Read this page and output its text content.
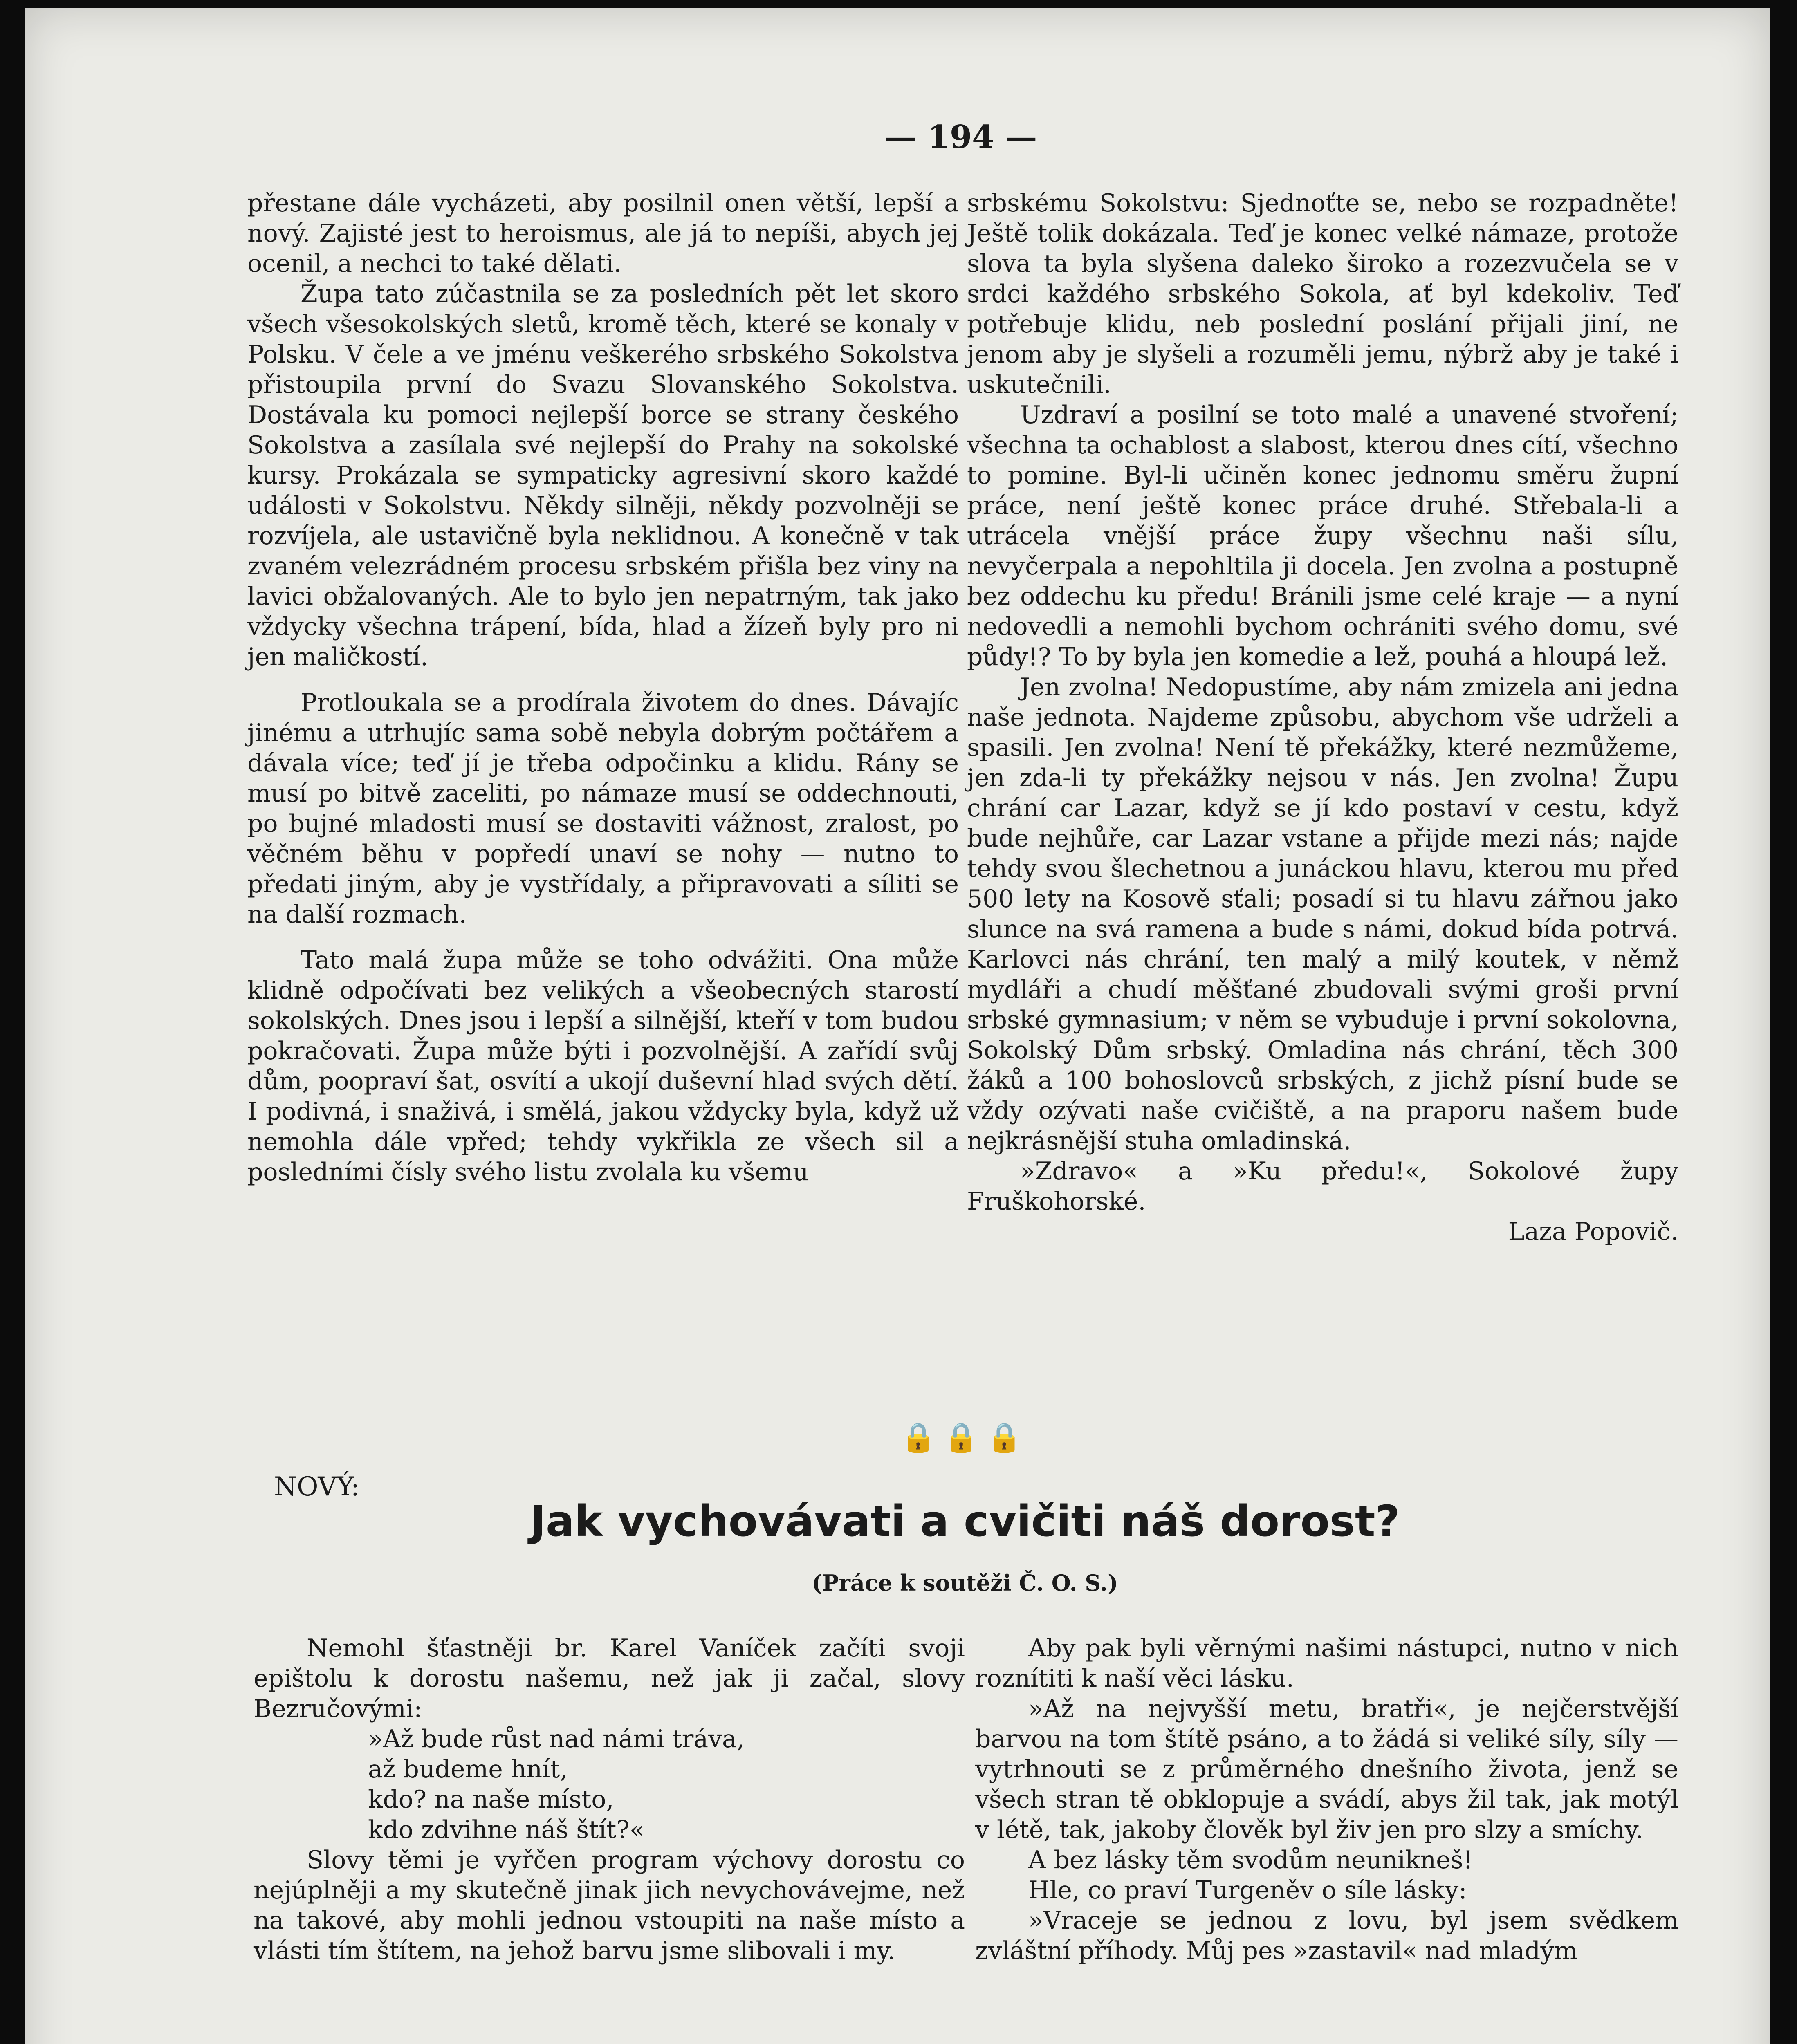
— 194 —

přestane dále vycházeti, aby posilnil onen větší, lepší a nový. Zajisté jest to heroismus, ale já to nepíši, abych jej ocenil, a nechci to také dělati.

Župa tato zúčastnila se za posledních pět let skoro všech všesokolských sletů, kromě těch, které se konaly v Polsku. V čele a ve jménu veškerého srbského Sokolstva přistoupila první do Svazu Slovanského Sokolstva. Dostávala ku pomoci nejlepší borce se strany českého Sokolstva a zasílala své nejlepší do Prahy na sokolské kursy. Prokázala se sympaticky agresivní skoro každé události v Sokolstvu. Někdy silněji, někdy pozvolněji se rozvíjela, ale ustavičně byla neklidnou. A konečně v tak zvaném velezrádném procesu srbském přišla bez viny na lavici obžalovaných. Ale to bylo jen nepatrným, tak jako vždycky všechna trápení, bída, hlad a žízeň byly pro ni jen maličkostí.

Protloukala se a prodírala životem do dnes. Dávajíc jinému a utrhujíc sama sobě nebyla dobrým počtářem a dávala více; teď jí je třeba odpočinku a klidu. Rány se musí po bitvě zaceliti, po námaze musí se oddechnouti, po bujné mladosti musí se dostaviti vážnost, zralost, po věčném běhu v popředí unaví se nohy — nutno to předati jiným, aby je vystřídaly, a připravovati a síliti se na další rozmach.

Tato malá župa může se toho odvážiti. Ona může klidně odpočívati bez velikých a všeobecných starostí sokolských. Dnes jsou i lepší a silnější, kteří v tom budou pokračovati. Župa může býti i pozvolnější. A zařídí svůj dům, poopraví šat, osvítí a ukojí duševní hlad svých dětí. I podivná, i snaživá, i smělá, jakou vždycky byla, když už nemohla dále vpřed; tehdy vykřikla ze všech sil a posledními čísly svého listu zvolala ku všemu

srbskému Sokolstvu: Sjednoťte se, nebo se rozpadněte! Ještě tolik dokázala. Teď je konec velké námaze, protože slova ta byla slyšena daleko široko a rozezvučela se v srdci každého srbského Sokola, ať byl kdekoliv. Teď potřebuje klidu, neb poslední poslání přijali jiní, ne jenom aby je slyšeli a rozuměli jemu, nýbrž aby je také i uskutečnili.

Uzdraví a posilní se toto malé a unavené stvoření; všechna ta ochablost a slabost, kterou dnes cítí, všechno to pomine. Byl-li učiněn konec jednomu směru župní práce, není ještě konec práce druhé. Střebala-li a utrácela vnější práce župy všechnu naši sílu, nevyčerpala a nepohltila ji docela. Jen zvolna a postupně bez oddechu ku předu! Bránili jsme celé kraje — a nyní nedovedli a nemohli bychom ochrániti svého domu, své půdy!? To by byla jen komedie a lež, pouhá a hloupá lež.

Jen zvolna! Nedopustíme, aby nám zmizela ani jedna naše jednota. Najdeme způsobu, abychom vše udrželi a spasili. Jen zvolna! Není tě překážky, které nezmůžeme, jen zda-li ty překážky nejsou v nás. Jen zvolna! Župu chrání car Lazar, když se jí kdo postaví v cestu, když bude nejhůře, car Lazar vstane a přijde mezi nás; najde tehdy svou šlechetnou a junáckou hlavu, kterou mu před 500 lety na Kosově sťali; posadí si tu hlavu zářnou jako slunce na svá ramena a bude s námi, dokud bída potrvá. Karlovci nás chrání, ten malý a milý koutek, v němž mydláři a chudí měšťané zbudovali svými groši první srbské gymnasium; v něm se vybuduje i první sokolovna, Sokolský Dům srbský. Omladina nás chrání, těch 300 žáků a 100 bohoslovců srbských, z jichž písní bude se vždy ozývati naše cvičiště, a na praporu našem bude nejkrásnější stuha omladinská.

»Zdravo« a »Ku předu!«, Sokolové župy Fruškohorské.

Laza Popovič.
🔒🔒🔒

NOVÝ:

Jak vychovávati a cvičiti náš dorost?

(Práce k soutěži Č. O. S.)

Nemohl šťastněji br. Karel Vaníček začíti svoji epištolu k dorostu našemu, než jak ji začal, slovy Bezručovými:

»Až bude růst nad námi tráva,
až budeme hnít,
kdo? na naše místo,
kdo zdvihne náš štít?«

Slovy těmi je vyřčen program výchovy dorostu co nejúplněji a my skutečně jinak jich nevychovávejme, než na takové, aby mohli jednou vstoupiti na naše místo a vlásti tím štítem, na jehož barvu jsme slibovali i my.

Aby pak byli věrnými našimi nástupci, nutno v nich roznítiti k naší věci lásku.

»Až na nejvyšší metu, bratři«, je nejčerstvější barvou na tom štítě psáno, a to žádá si veliké síly, síly — vytrhnouti se z průměrného dnešního života, jenž se všech stran tě obklopuje a svádí, abys žil tak, jak motýl v létě, tak, jakoby člověk byl živ jen pro slzy a smíchy.

A bez lásky těm svodům neunikneš!

Hle, co praví Turgeněv o síle lásky:

»Vraceje se jednou z lovu, byl jsem svědkem zvláštní příhody. Můj pes »zastavil« nad mladým
